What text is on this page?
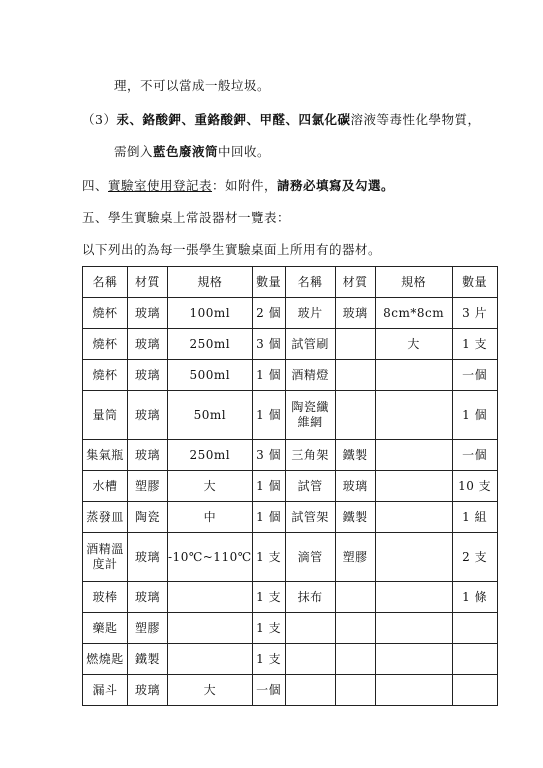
理，不可以當成一般垃圾。
（3）汞、鉻酸鉀、重鉻酸鉀、甲醛、四氯化碳溶液等毒性化學物質，
需倒入藍色廢液筒中回收。
四、實驗室使用登記表：如附件，請務必填寫及勾選。
五、學生實驗桌上常設器材一覽表：
以下列出的為每一張學生實驗桌面上所用有的器材。
名稱	材質	規格	數量	名稱	材質	規格	數量
燒杯	玻璃	100ml	2 個	玻片	玻璃	8cm*8cm	3 片
燒杯	玻璃	250ml	3 個	試管刷		大	1 支
燒杯	玻璃	500ml	1 個	酒精燈			一個
量筒	玻璃	50ml	1 個	陶瓷纖
維網			1 個
集氣瓶	玻璃	250ml	3 個	三角架	鐵製		一個
水槽	塑膠	大	1 個	試管	玻璃		10 支
蒸發皿	陶瓷	中	1 個	試管架	鐵製		1 組
酒精溫
度計	玻璃	-10℃~110℃	1 支	滴管	塑膠		2 支
玻棒	玻璃		1 支	抹布			1 條
藥匙	塑膠		1 支				
燃燒匙	鐵製		1 支				
漏斗	玻璃	大	一個				
